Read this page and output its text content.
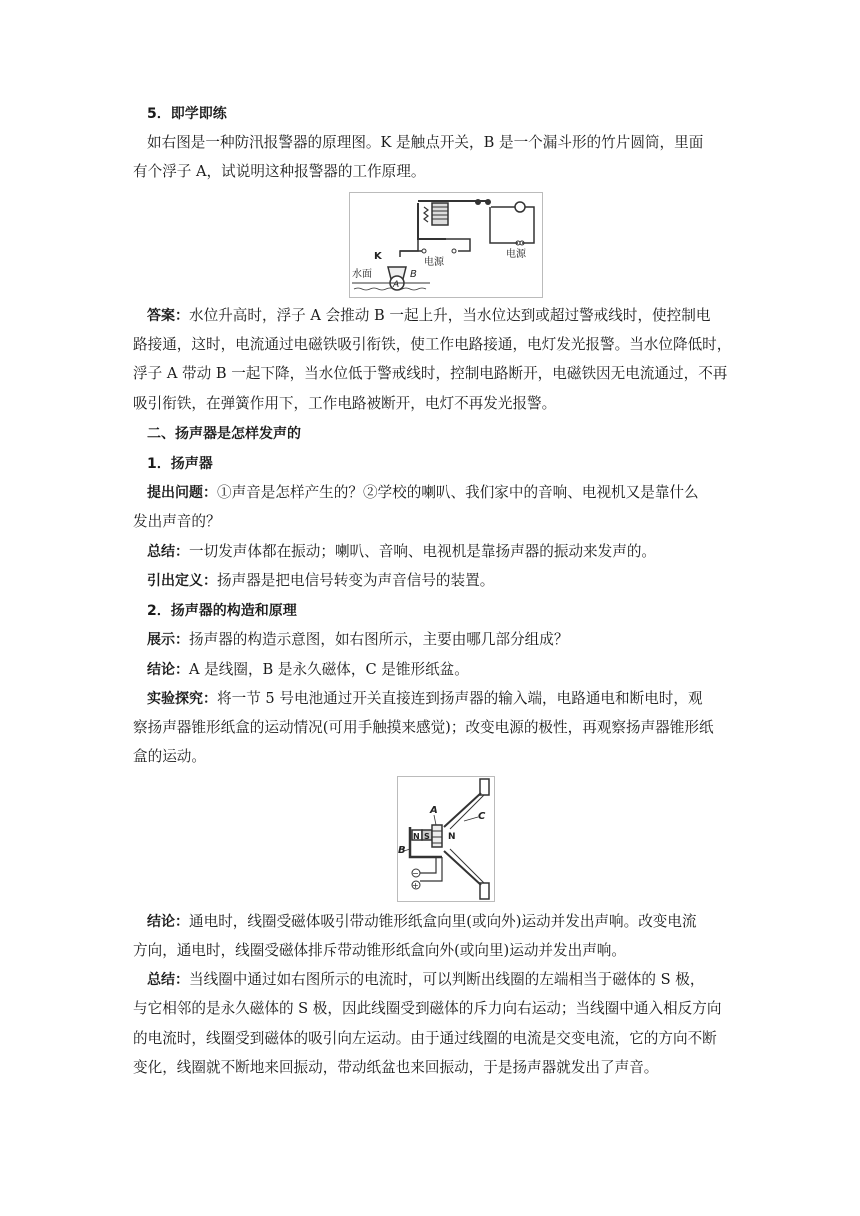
5．即学即练
如右图是一种防汛报警器的原理图。K 是触点开关，B 是一个漏斗形的竹片圆筒，里面
有个浮子 A，试说明这种报警器的工作原理。
K
水面	B
A
电源
电源
答案：水位升高时，浮子 A 会推动 B 一起上升，当水位达到或超过警戒线时，使控制电
路接通，这时，电流通过电磁铁吸引衔铁，使工作电路接通，电灯发光报警。当水位降低时，
浮子 A 带动 B 一起下降，当水位低于警戒线时，控制电路断开，电磁铁因无电流通过，不再
吸引衔铁，在弹簧作用下，工作电路被断开，电灯不再发光报警。
二、扬声器是怎样发声的
1．扬声器
提出问题：①声音是怎样产生的？②学校的喇叭、我们家中的音响、电视机又是靠什么
发出声音的？
总结：一切发声体都在振动；喇叭、音响、电视机是靠扬声器的振动来发声的。
引出定义：扬声器是把电信号转变为声音信号的装置。
2．扬声器的构造和原理
展示：扬声器的构造示意图，如右图所示，主要由哪几部分组成？
结论：A 是线圈，B 是永久磁体，C 是锥形纸盆。
实验探究：将一节 5 号电池通过开关直接连到扬声器的输入端，电路通电和断电时，观
察扬声器锥形纸盒的运动情况(可用手触摸来感觉)；改变电源的极性，再观察扬声器锥形纸
盒的运动。
A
C
N S N
B
−
+
结论：通电时，线圈受磁体吸引带动锥形纸盒向里(或向外)运动并发出声响。改变电流
方向，通电时，线圈受磁体排斥带动锥形纸盒向外(或向里)运动并发出声响。
总结：当线圈中通过如右图所示的电流时，可以判断出线圈的左端相当于磁体的 S 极，
与它相邻的是永久磁体的 S 极，因此线圈受到磁体的斥力向右运动；当线圈中通入相反方向
的电流时，线圈受到磁体的吸引向左运动。由于通过线圈的电流是交变电流，它的方向不断
变化，线圈就不断地来回振动，带动纸盆也来回振动，于是扬声器就发出了声音。
